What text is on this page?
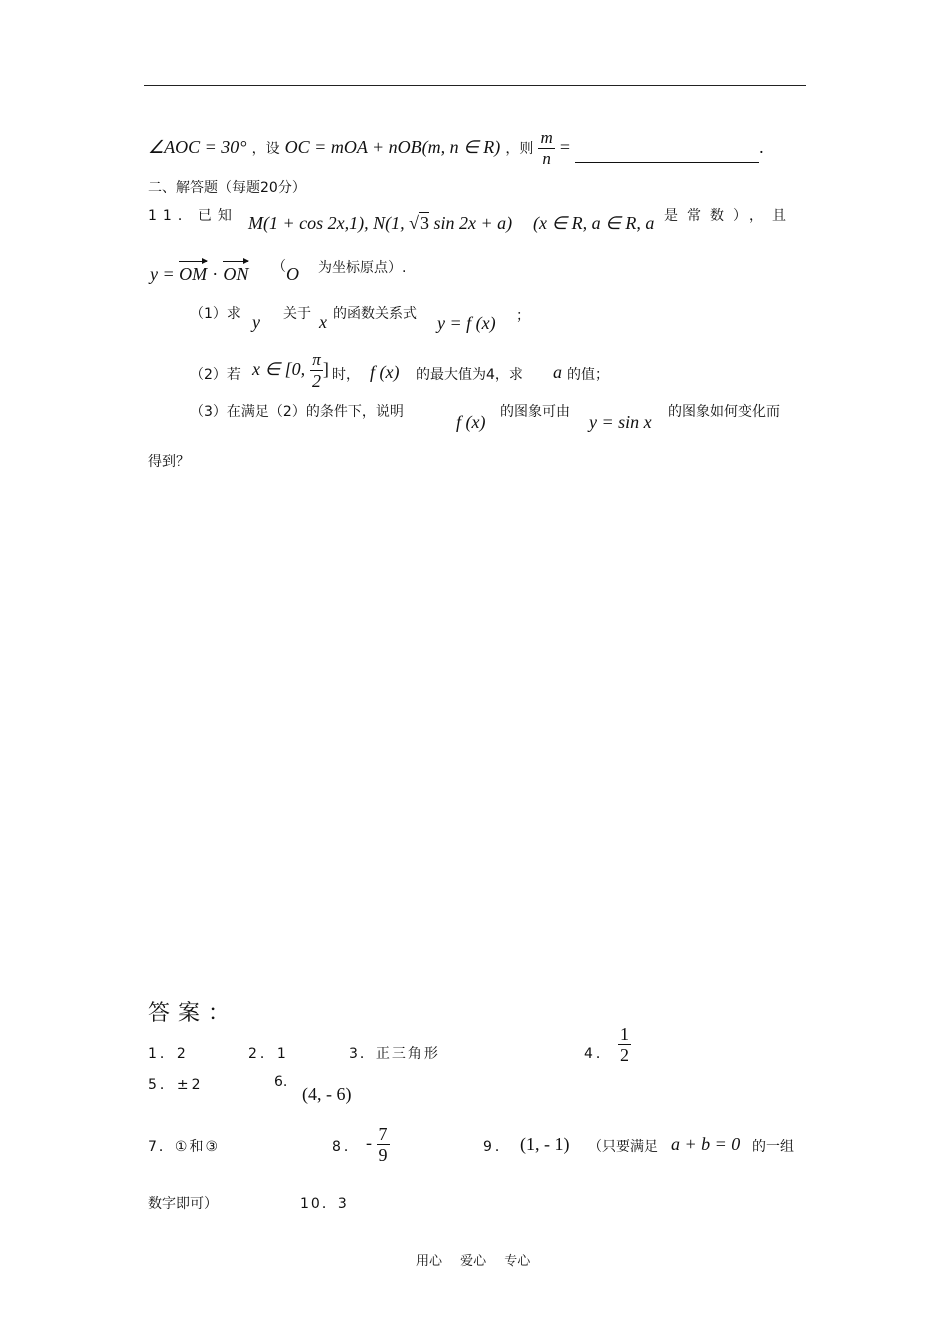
∠AOC = 30° ，设 OC = mOA + nOB(m, n ∈ R) ，则 $\frac{m}{n}$ =	.
二、解答题（每题20分）
11．已知 M(1 + cos 2x,1), N(1, √3 sin 2x + a) (x ∈ R, a ∈ R, a 是常数），且
y = OM · ON （ O 为坐标原点）.
（1）求 y 关于 x 的函数关系式 y = f (x) ；
（2）若 x ∈ [0, $\frac{\pi}{2}$ ] 时， f (x) 的最大值为4，求 a 的值；
（3）在满足（2）的条件下，说明	f (x) 的图象可由 y = sin x 的图象如何变化而
得到？
答案：
1．2	2．1	3．正三角形	4． $\frac{1}{2}$
5．±2	6.
(4, - 6)
7．①和③	8． - $\frac{7}{9}$	9． (1, - 1) （只要满足 a + b = 0 的一组
数字即可）	10．3
用心 爱心 专心
